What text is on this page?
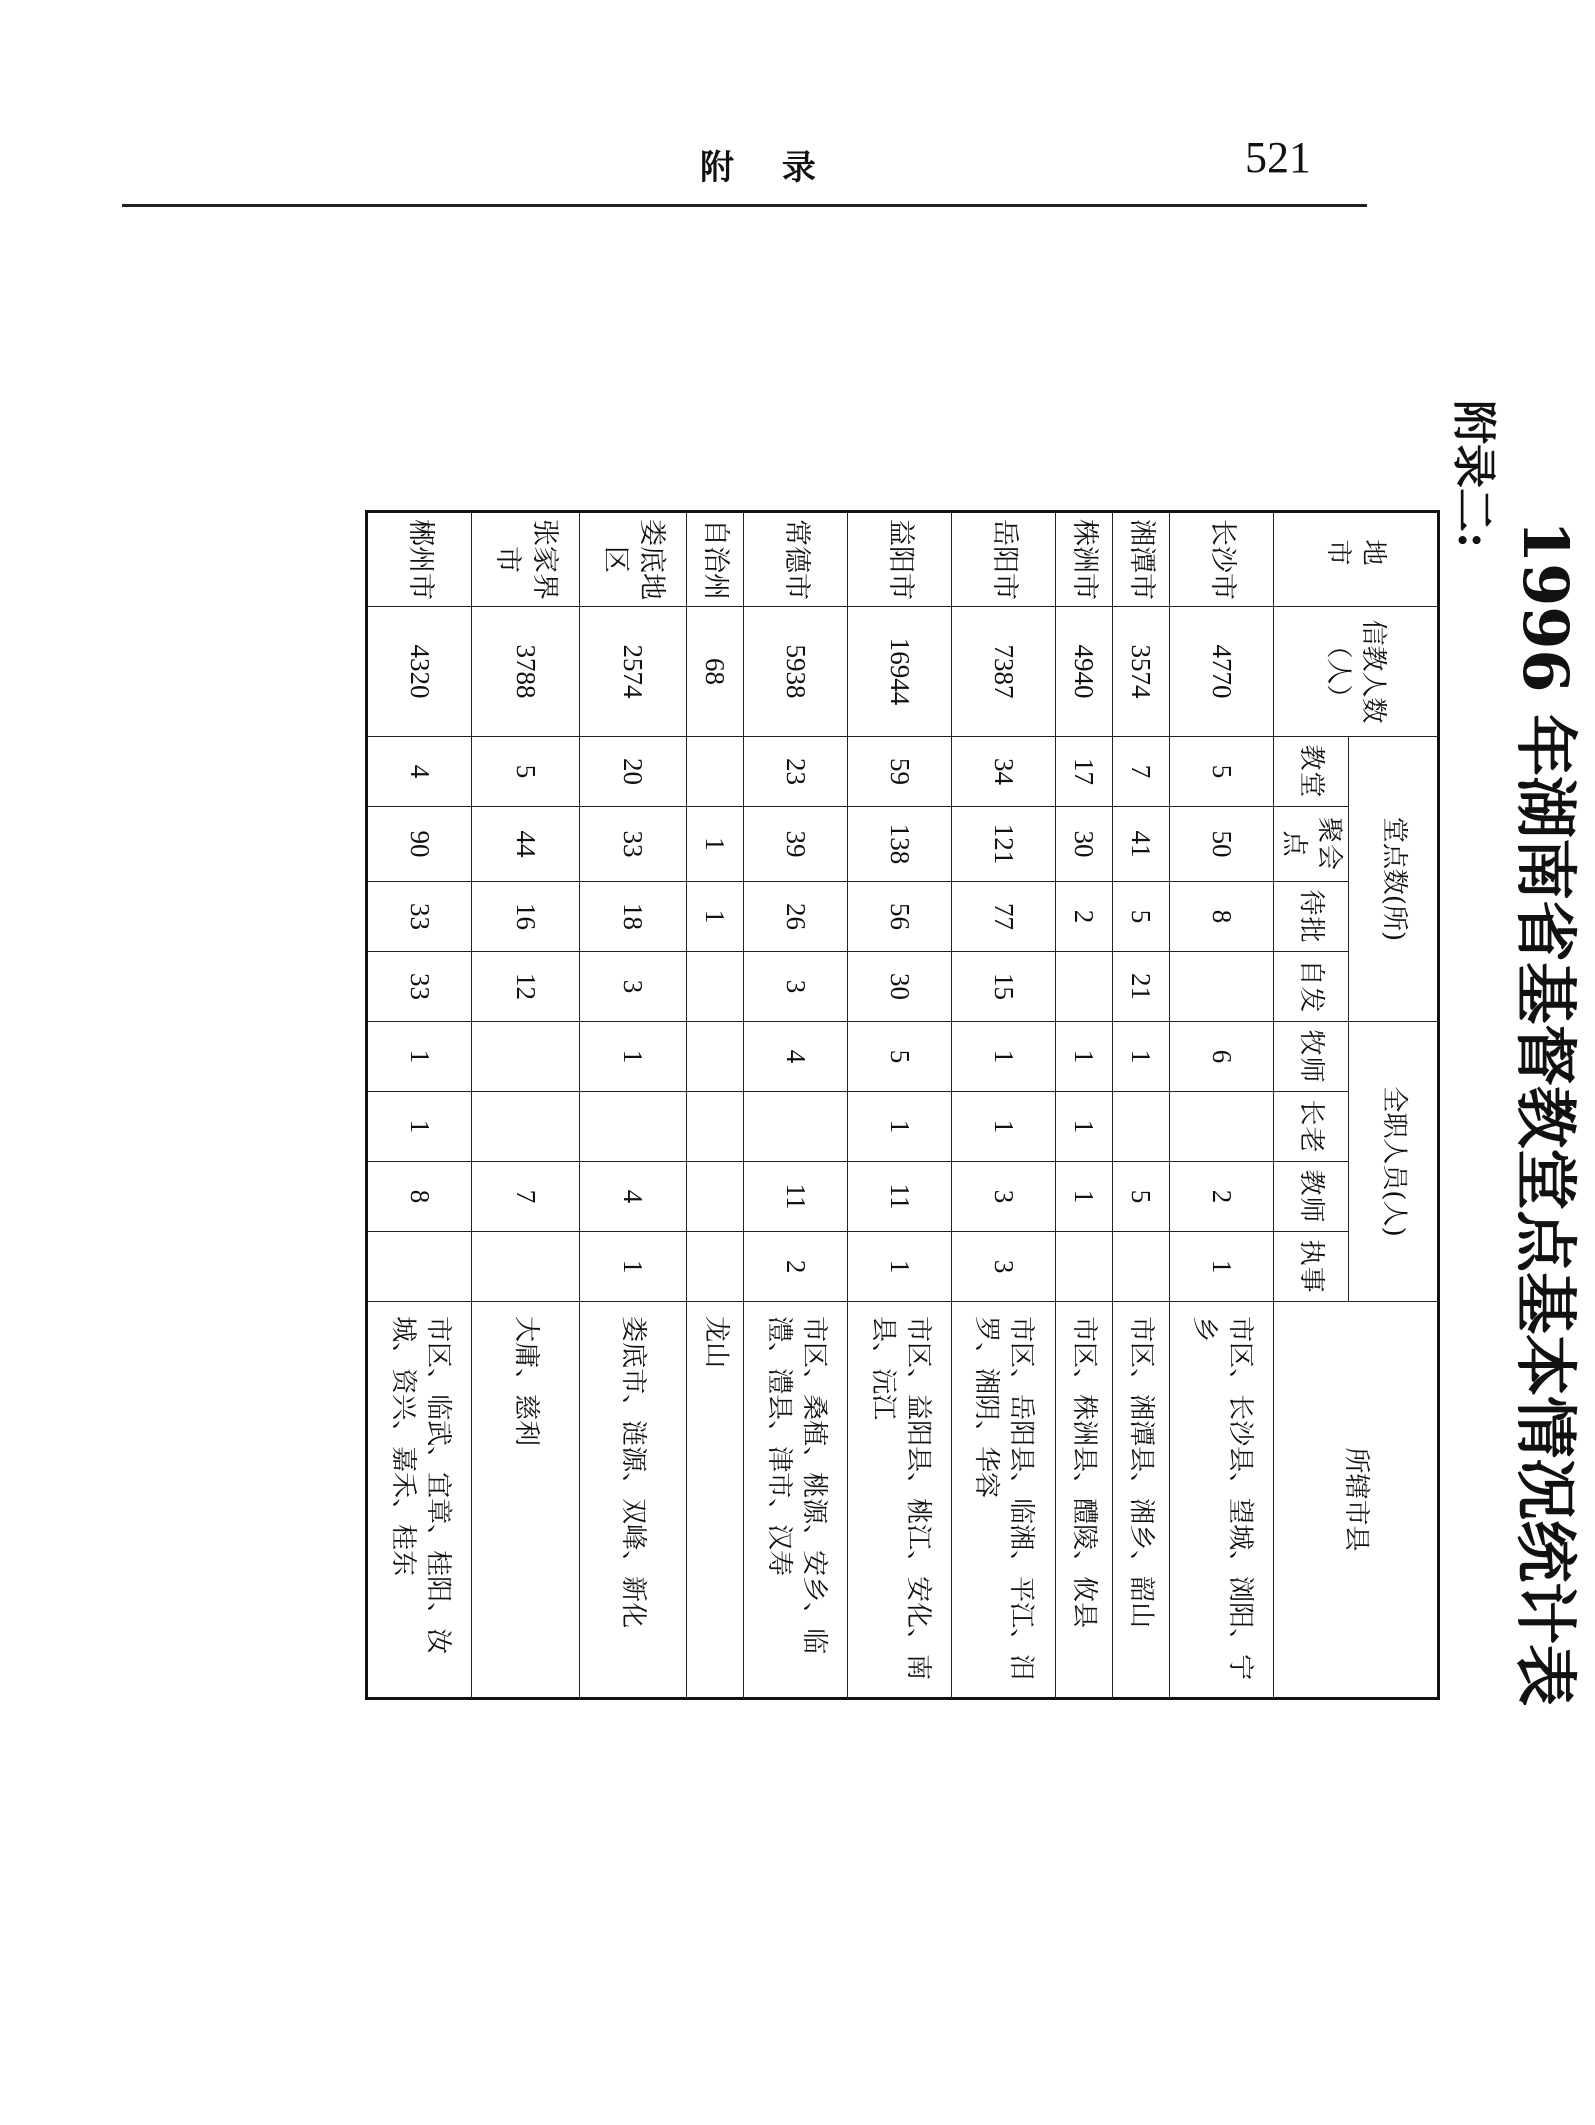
附 录	521
附录二:
1996 年湖南省基督教堂点基本情况统计表
地 市	信教人数（人）	堂点数(所)				全职人员(人)				所辖市县
		教堂	聚会点	待批	自发	牧师	长老	教师	执事	
长沙市	4770	5	50	8		6		2	1	市区、长沙县、望城、浏阳、宁乡
湘潭市	3574	7	41	5	21	1		5		市区、湘潭县、湘乡、韶山
株洲市	4940	17	30	2		1	1	1		市区、株洲县、醴陵、攸县
岳阳市	7387	34	121	77	15	1	1	3	3	市区、岳阳县、临湘、平江、汨罗、湘阴、华容
益阳市	16944	59	138	56	30	5	1	11	1	市区、益阳县、桃江、安化、南县、沅江
常德市	5938	23	39	26	3	4		11	2	市区、桑植、桃源、安乡、临澧、澧县、津市、汉寿
自治州	68		1	1						龙山
娄底地区	2574	20	33	18	3	1		4	1	娄底市、涟源、双峰、新化
张家界市	3788	5	44	16	12			7		大庸、慈利
郴州市	4320	4	90	33	33	1	1	8		市区、临武、宜章、桂阳、汝城、资兴、嘉禾、桂东
